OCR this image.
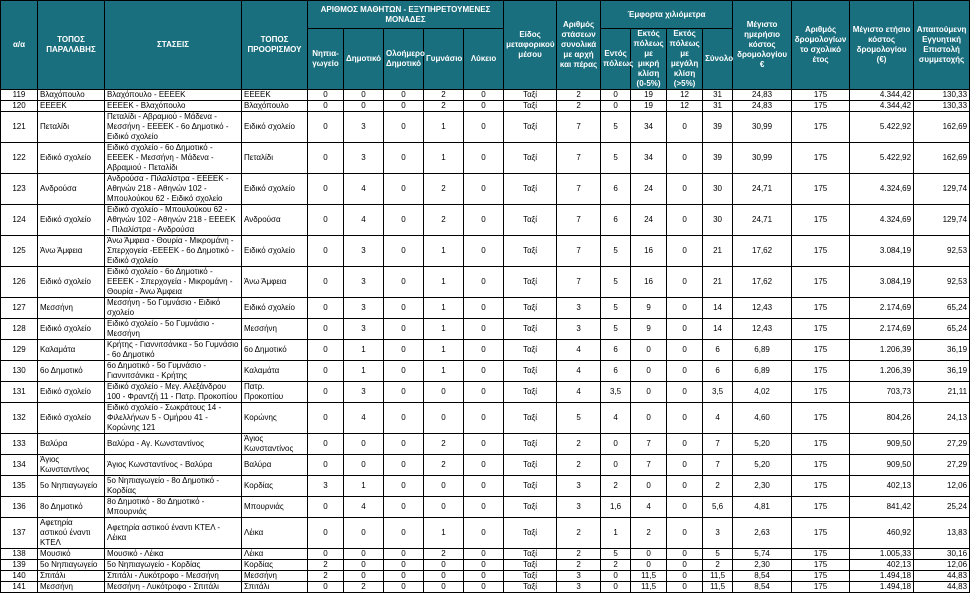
α/α	ΤΟΠΟΣ ΠΑΡΑΛΑΒΗΣ	ΣΤΑΣΕΙΣ	ΤΟΠΟΣ ΠΡΟΟΡΙΣΜΟΥ	ΑΡΙΘΜΟΣ ΜΑΘΗΤΩΝ - ΕΞΥΠΗΡΕΤΟΥΜΕΝΕΣ ΜΟΝΑΔΕΣ					Είδος μεταφορικού μέσου	Αριθμός στάσεων συνολικά με αρχή και πέρας	Έμφορτα χιλιόμετρα				Μέγιστο ημερήσιο κόστος δρομολογίου €	Αριθμός δρομολογίων το σχολικό έτος	Μέγιστο ετήσιο κόστος δρομολογίου (€)	Απαιτούμενη Εγγυητική Επιστολή συμμετοχής
				Νηπια-γωγείο	Δημοτικό	Ολοήμερο Δημοτικό	Γυμνάσιο	Λύκειο			Εντός πόλεως	Εκτός πόλεως με μικρή κλίση (0-5%)	Εκτός πόλεως με μεγάλη κλίση (>5%)	Σύνολο				
119	Βλαχόπουλο	Βλαχόπουλο - ΕΕΕΕΚ	ΕΕΕΕΚ	0	0	0	2	0	Ταξί	2	0	19	12	31	24,83	175	4.344,42	130,33
120	ΕΕΕΕΚ	ΕΕΕΕΚ - Βλαχόπουλο	Βλαχόπουλο	0	0	0	2	0	Ταξί	2	0	19	12	31	24,83	175	4.344,42	130,33
121	Πεταλίδι	Πεταλίδι - Αβραμιού - Μάδενα - Μεσσήνη - ΕΕΕΕΚ - 6ο Δημοτικό - Ειδικό σχολείο	Ειδικό σχολείο	0	3	0	1	0	Ταξί	7	5	34	0	39	30,99	175	5.422,92	162,69
122	Ειδικό σχολείο	Ειδικό σχολείο - 6ο Δημοτικό - ΕΕΕΕΚ - Μεσσήνη - Μάδενα - Αβραμιού - Πεταλίδι	Πεταλίδι	0	3	0	1	0	Ταξί	7	5	34	0	39	30,99	175	5.422,92	162,69
123	Ανδρούσα	Ανδρούσα - Πιλαλίστρα - ΕΕΕΕΚ - Αθηνών 218 - Αθηνών 102 - Μπουλούκου 62 - Ειδικό σχολείο	Ειδικό σχολείο	0	4	0	2	0	Ταξί	7	6	24	0	30	24,71	175	4.324,69	129,74
124	Ειδικό σχολείο	Ειδικό σχολείο - Μπουλούκου 62 - Αθηνών 102 - Αθηνών 218 - ΕΕΕΕΚ - Πιλαλίστρα - Ανδρούσα	Ανδρούσα	0	4	0	2	0	Ταξί	7	6	24	0	30	24,71	175	4.324,69	129,74
125	Άνω Άμφεια	Άνω Άμφεια - Θουρία - Μικρομάνη - Σπερχογεία -ΕΕΕΕΚ - 6ο Δημοτικό - Ειδικό σχολείο	Ειδικό σχολείο	0	3	0	1	0	Ταξί	7	5	16	0	21	17,62	175	3.084,19	92,53
126	Ειδικό σχολείο	Ειδικό σχολείο - 6ο Δημοτικό - ΕΕΕΕΚ - Σπερχογεία - Μικρομάνη - Θουρία - Άνω Άμφεια	Άνω Άμφεια	0	3	0	1	0	Ταξί	7	5	16	0	21	17,62	175	3.084,19	92,53
127	Μεσσήνη	Μεσσήνη - 5ο Γυμνάσιο - Ειδικό σχολείο	Ειδικό σχολείο	0	3	0	1	0	Ταξί	3	5	9	0	14	12,43	175	2.174,69	65,24
128	Ειδικό σχολείο	Ειδικό σχολείο - 5ο Γυμνάσιο - Μεσσήνη	Μεσσήνη	0	3	0	1	0	Ταξί	3	5	9	0	14	12,43	175	2.174,69	65,24
129	Καλαμάτα	Κρήτης - Γιαννιτσάνικα - 5ο Γυμνάσιο - 6ο Δημοτικό	6ο Δημοτικό	0	1	0	1	0	Ταξί	4	6	0	0	6	6,89	175	1.206,39	36,19
130	6ο Δημοτικό	6ο Δημοτικό - 5ο Γυμνάσιο - Γιαννιτσάνικα - Κρήτης	Καλαμάτα	0	1	0	1	0	Ταξί	4	6	0	0	6	6,89	175	1.206,39	36,19
131	Ειδικό σχολείο	Ειδικό σχολείο - Μεγ. Αλεξάνδρου 100 - Φραντζή 11 - Πατρ. Προκοπίου	Πατρ. Προκοπίου	0	3	0	0	0	Ταξί	4	3,5	0	0	3,5	4,02	175	703,73	21,11
132	Ειδικό σχολείο	Ειδικό σχολείο - Σωκράτους 14 - Φιλελλήνων 5 - Ομήρου 41 - Κορώνης 121	Κορώνης	0	4	0	0	0	Ταξί	5	4	0	0	4	4,60	175	804,26	24,13
133	Βαλύρα	Βαλύρα - Αγ. Κωνσταντίνος	Άγιος Κωνσταντίνος	0	0	0	2	0	Ταξί	2	0	7	0	7	5,20	175	909,50	27,29
134	Άγιος Κωνσταντίνος	Άγιος Κωνσταντίνος - Βαλύρα	Βαλύρα	0	0	0	2	0	Ταξί	2	0	7	0	7	5,20	175	909,50	27,29
135	5ο Νηπιαγωγείο	5ο Νηπιαγωγείο - 8ο Δημοτικό - Κορδίας	Κορδίας	3	1	0	0	0	Ταξί	3	2	0	0	2	2,30	175	402,13	12,06
136	8ο Δημοτικό	8ο Δημοτικό - 8ο Δημοτικό - Μπουρνιάς	Μπουρνιάς	0	4	0	0	0	Ταξί	3	1,6	4	0	5,6	4,81	175	841,42	25,24
137	Αφετηρία αστικού έναντι ΚΤΕΛ	Αφετηρία αστικού έναντι ΚΤΕΛ - Λέικα	Λέικα	0	0	0	1	0	Ταξί	2	1	2	0	3	2,63	175	460,92	13,83
138	Μουσικό	Μουσικό - Λέικα	Λέικα	0	0	0	2	0	Ταξί	2	5	0	0	5	5,74	175	1.005,33	30,16
139	5ο Νηπιαγωγείο	5ο Νηπιαγωγείο - Κορδίας	Κορδίας	2	0	0	0	0	Ταξί	2	2	0	0	2	2,30	175	402,13	12,06
140	Σπιτάλι	Σπιτάλι - Λυκότροφο - Μεσσήνη	Μεσσήνη	2	0	0	0	0	Ταξί	3	0	11,5	0	11,5	8,54	175	1.494,18	44,83
141	Μεσσήνη	Μεσσήνη - Λυκότροφο - Σπιτάλι	Σπιτάλι	0	2	0	0	0	Ταξί	3	0	11,5	0	11,5	8,54	175	1.494,18	44,83
